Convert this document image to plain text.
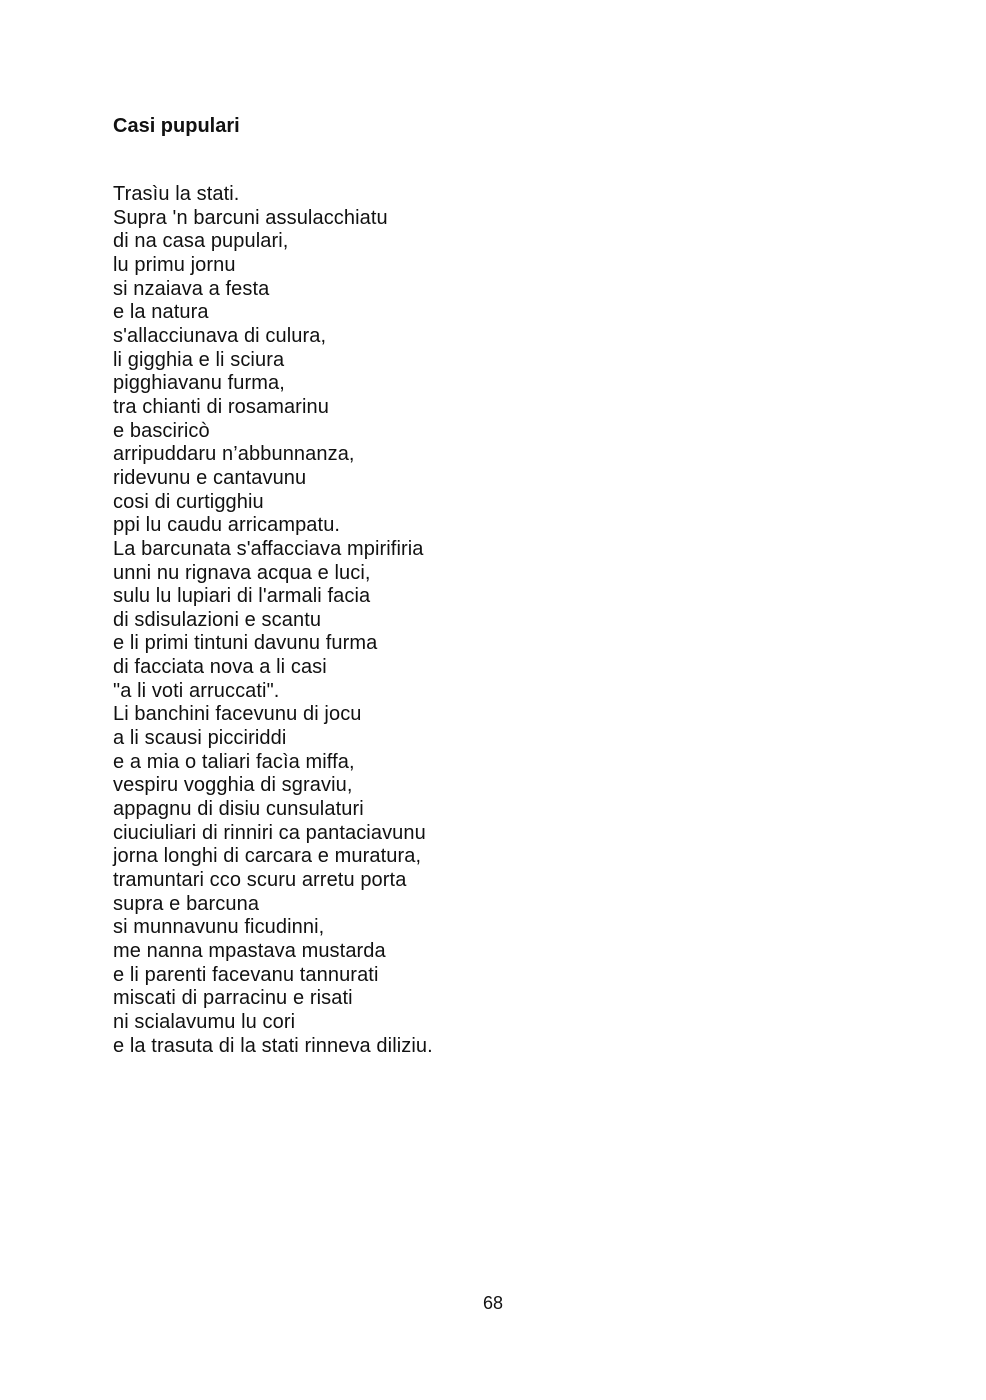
Casi pupulari
Trasìu la stati.
Supra 'n barcuni assulacchiatu
di na casa pupulari,
lu primu jornu
si nzaiava a festa
e la natura
s'allacciunava di culura,
li gigghia e li sciura
pigghiavanu furma,
tra chianti di rosamarinu
e basciricò
arripuddaru n’abbunnanza,
ridevunu e cantavunu
cosi di curtigghiu
ppi lu caudu arricampatu.
La barcunata s'affacciava mpirifiria
unni nu rignava acqua e luci,
sulu lu lupiari di l'armali facia
di sdisulazioni e scantu
e li primi tintuni davunu furma
di facciata nova a li casi
"a li voti arruccati".
Li banchini facevunu di jocu
a li scausi picciriddi
e a mia o taliari facìa miffa,
vespiru vogghia di sgraviu,
appagnu di disiu cunsulaturi
ciuciuliari di rinniri ca pantaciavunu
jorna longhi di carcara e muratura,
tramuntari cco scuru arretu porta
supra e barcuna
si munnavunu ficudinni,
me nanna mpastava mustarda
e li parenti facevanu tannurati
miscati di parracinu e risati
ni scialavumu lu cori
e la trasuta di la stati rinneva diliziu.
68
